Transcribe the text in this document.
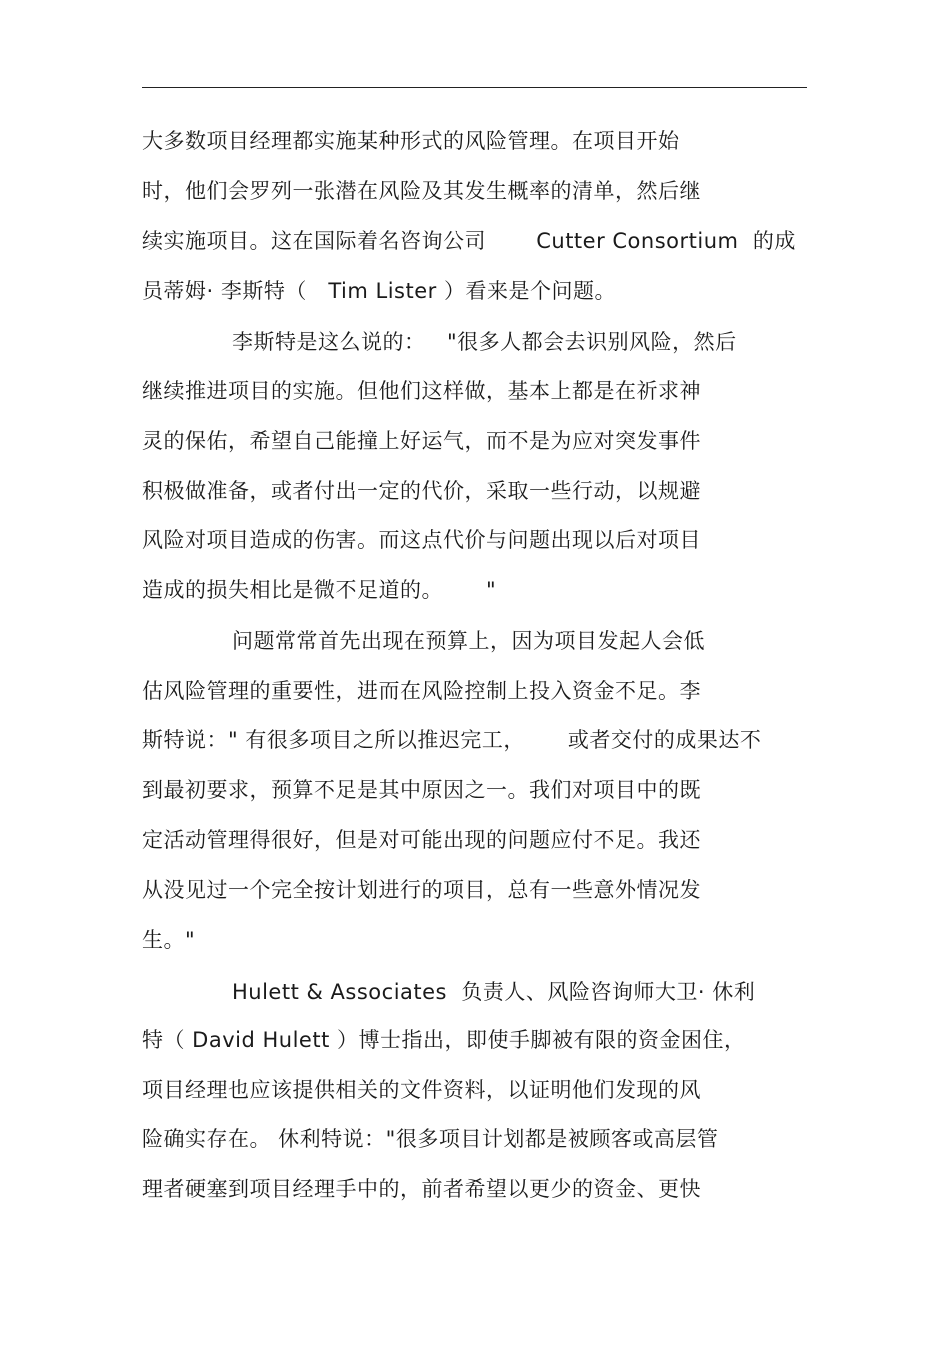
大多数项目经理都实施某种形式的风险管理。在项目开始
时，他们会罗列一张潜在风险及其发生概率的清单，然后继
续实施项目。这在国际着名咨询公司       Cutter Consortium  的成
员蒂姆· 李斯特（   Tim Lister ）看来是个问题。
李斯特是这么说的：   "很多人都会去识别风险，然后
继续推进项目的实施。但他们这样做，基本上都是在祈求神
灵的保佑，希望自己能撞上好运气，而不是为应对突发事件
积极做准备，或者付出一定的代价，采取一些行动，以规避
风险对项目造成的伤害。而这点代价与问题出现以后对项目
造成的损失相比是微不足道的。      "
问题常常首先出现在预算上，因为项目发起人会低
估风险管理的重要性，进而在风险控制上投入资金不足。李
斯特说：" 有很多项目之所以推迟完工，      或者交付的成果达不
到最初要求，预算不足是其中原因之一。我们对项目中的既
定活动管理得很好，但是对可能出现的问题应付不足。我还
从没见过一个完全按计划进行的项目，总有一些意外情况发
生。"
Hulett & Associates  负责人、风险咨询师大卫· 休利
特（ David Hulett ）博士指出，即使手脚被有限的资金困住，
项目经理也应该提供相关的文件资料，以证明他们发现的风
险确实存在。 休利特说："很多项目计划都是被顾客或高层管
理者硬塞到项目经理手中的，前者希望以更少的资金、更快
